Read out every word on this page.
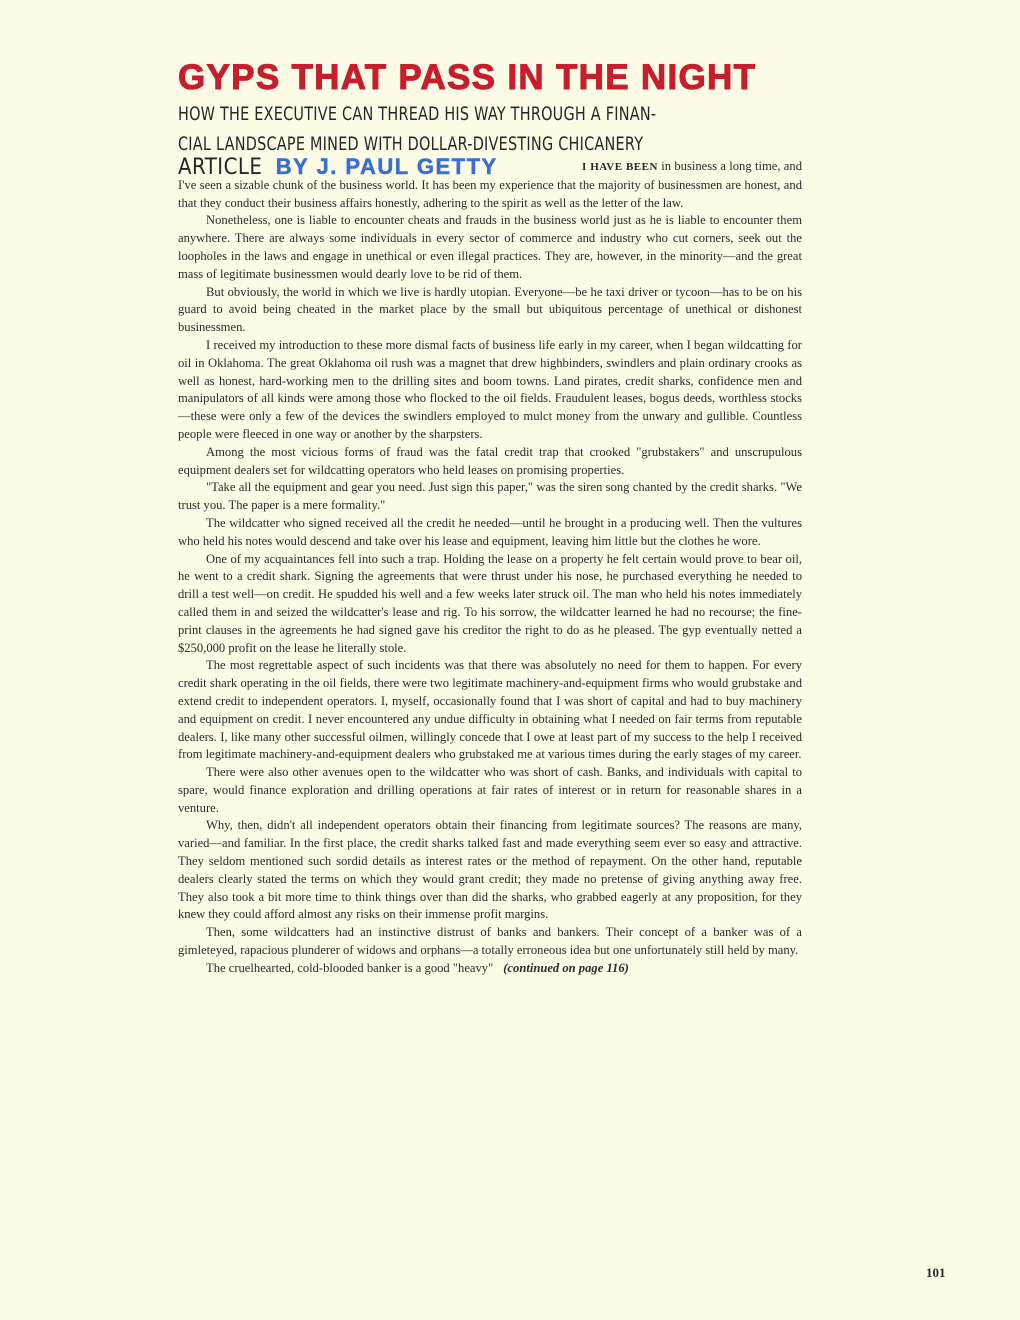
GYPS THAT PASS IN THE NIGHT
HOW THE EXECUTIVE CAN THREAD HIS WAY THROUGH A FINAN-
CIAL LANDSCAPE MINED WITH DOLLAR-DIVESTING CHICANERY
ARTICLE BY J. PAUL GETTY	I HAVE BEEN in business a long time, and I've seen a sizable chunk of the business world. It has been my experience that the majority of businessmen are honest, and that they conduct their business affairs honestly, adhering to the spirit as well as the letter of the law.

Nonetheless, one is liable to encounter cheats and frauds in the business world just as he is liable to encounter them anywhere. There are always some individuals in every sector of commerce and industry who cut corners, seek out the loopholes in the laws and engage in unethical or even illegal practices. They are, however, in the minority—and the great mass of legitimate businessmen would dearly love to be rid of them.

But obviously, the world in which we live is hardly utopian. Everyone—be he taxi driver or tycoon—has to be on his guard to avoid being cheated in the market place by the small but ubiquitous percentage of unethical or dishonest businessmen.

I received my introduction to these more dismal facts of business life early in my career, when I began wildcatting for oil in Oklahoma. The great Oklahoma oil rush was a magnet that drew highbinders, swindlers and plain ordinary crooks as well as honest, hard-working men to the drilling sites and boom towns. Land pirates, credit sharks, confidence men and manipulators of all kinds were among those who flocked to the oil fields. Fraudulent leases, bogus deeds, worthless stocks—these were only a few of the devices the swindlers employed to mulct money from the unwary and gullible. Countless people were fleeced in one way or another by the sharpsters.

Among the most vicious forms of fraud was the fatal credit trap that crooked "grubstakers" and unscrupulous equipment dealers set for wildcatting operators who held leases on promising properties.

"Take all the equipment and gear you need. Just sign this paper," was the siren song chanted by the credit sharks. "We trust you. The paper is a mere formality."

The wildcatter who signed received all the credit he needed—until he brought in a producing well. Then the vultures who held his notes would descend and take over his lease and equipment, leaving him little but the clothes he wore.

One of my acquaintances fell into such a trap. Holding the lease on a property he felt certain would prove to bear oil, he went to a credit shark. Signing the agreements that were thrust under his nose, he purchased everything he needed to drill a test well—on credit. He spudded his well and a few weeks later struck oil. The man who held his notes immediately called them in and seized the wildcatter's lease and rig. To his sorrow, the wildcatter learned he had no recourse; the fine-print clauses in the agreements he had signed gave his creditor the right to do as he pleased. The gyp eventually netted a $250,000 profit on the lease he literally stole.

The most regrettable aspect of such incidents was that there was absolutely no need for them to happen. For every credit shark operating in the oil fields, there were two legitimate machinery-and-equipment firms who would grubstake and extend credit to independent operators. I, myself, occasionally found that I was short of capital and had to buy machinery and equipment on credit. I never encountered any undue difficulty in obtaining what I needed on fair terms from reputable dealers. I, like many other successful oilmen, willingly concede that I owe at least part of my success to the help I received from legitimate machinery-and-equipment dealers who grubstaked me at various times during the early stages of my career.

There were also other avenues open to the wildcatter who was short of cash. Banks, and individuals with capital to spare, would finance exploration and drilling operations at fair rates of interest or in return for reasonable shares in a venture.

Why, then, didn't all independent operators obtain their financing from legitimate sources? The reasons are many, varied—and familiar. In the first place, the credit sharks talked fast and made everything seem ever so easy and attractive. They seldom mentioned such sordid details as interest rates or the method of repayment. On the other hand, reputable dealers clearly stated the terms on which they would grant credit; they made no pretense of giving anything away free. They also took a bit more time to think things over than did the sharks, who grabbed eagerly at any proposition, for they knew they could afford almost any risks on their immense profit margins.

Then, some wildcatters had an instinctive distrust of banks and bankers. Their concept of a banker was of a gimleteyed, rapacious plunderer of widows and orphans—a totally erroneous idea but one unfortunately still held by many.

The cruelhearted, cold-blooded banker is a good "heavy" (continued on page 116)

101
